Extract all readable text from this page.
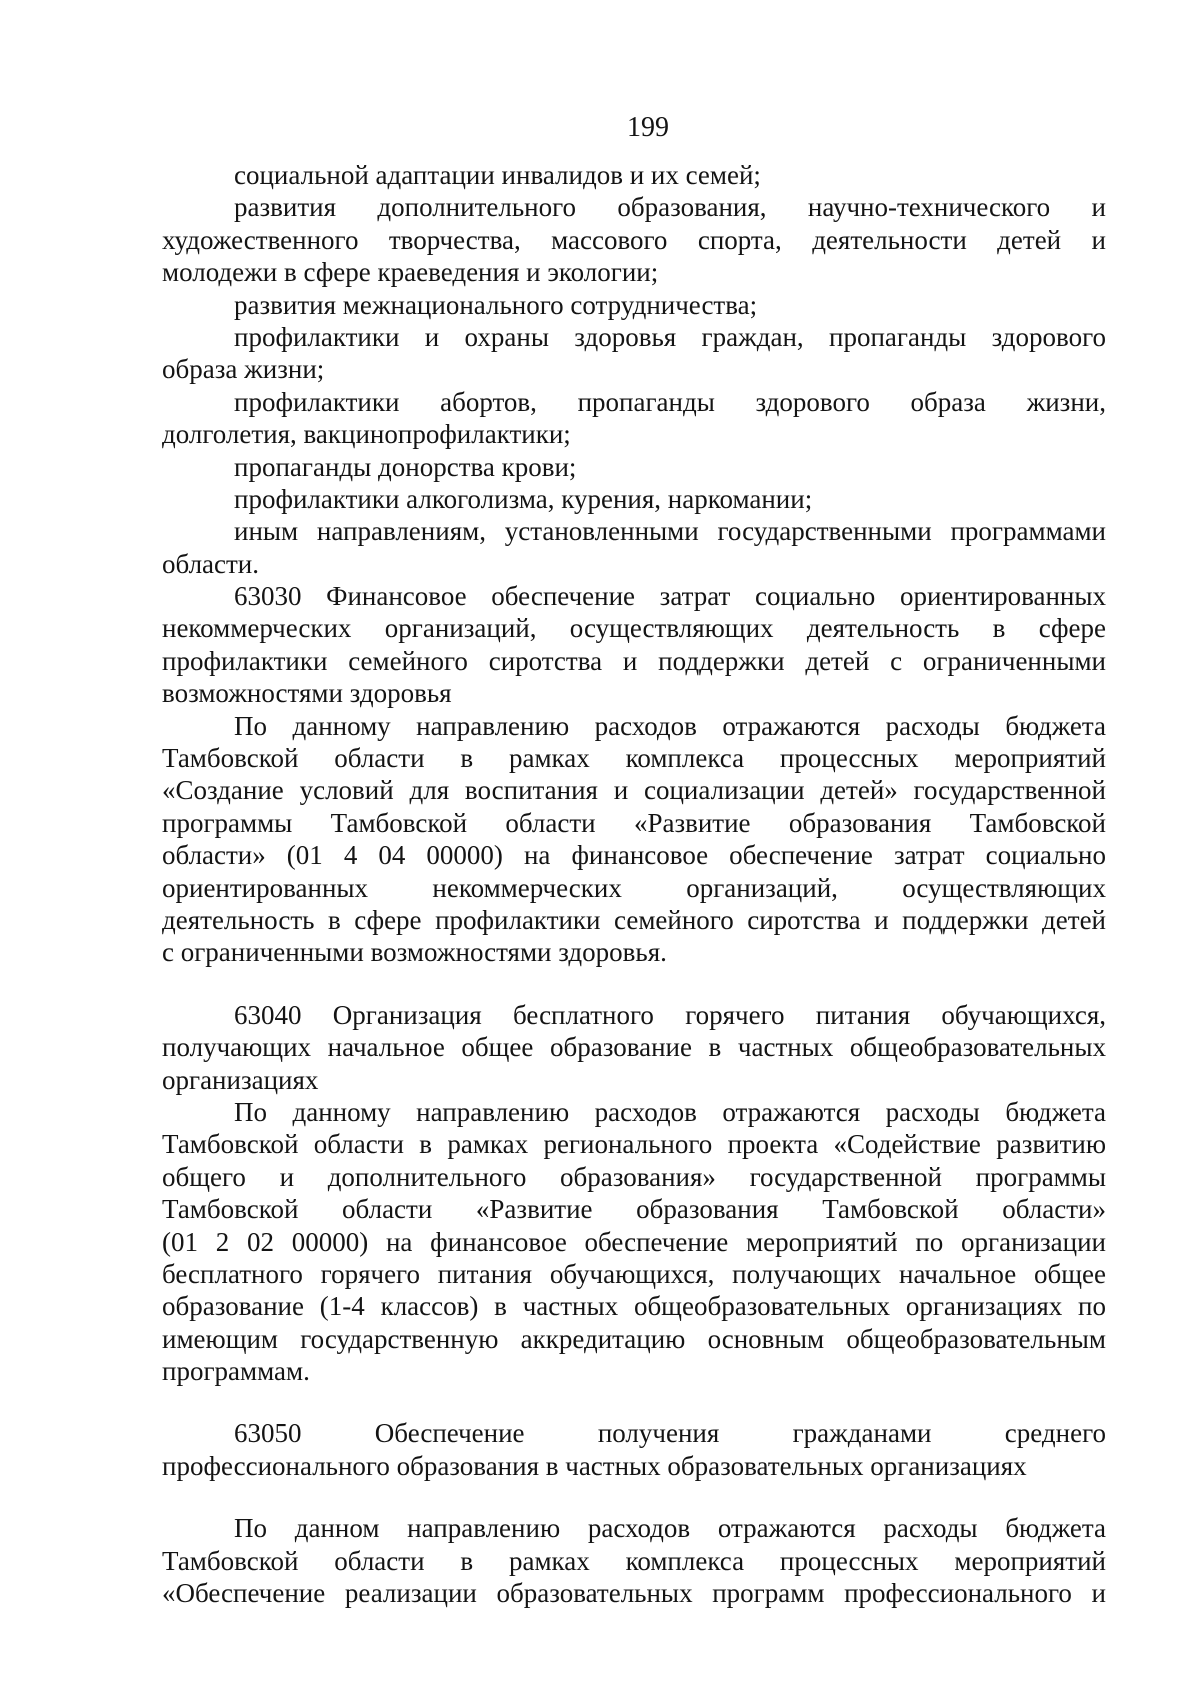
199
социальной адаптации инвалидов и их семей;
развития дополнительного образования, научно-технического и
художественного творчества, массового спорта, деятельности детей и
молодежи в сфере краеведения и экологии;
развития межнационального сотрудничества;
профилактики и охраны здоровья граждан, пропаганды здорового
образа жизни;
профилактики абортов, пропаганды здорового образа жизни,
долголетия, вакцинопрофилактики;
пропаганды донорства крови;
профилактики алкоголизма, курения, наркомании;
иным направлениям, установленными государственными программами
области.
63030 Финансовое обеспечение затрат социально ориентированных
некоммерческих организаций, осуществляющих деятельность в сфере
профилактики семейного сиротства и поддержки детей с ограниченными
возможностями здоровья
По данному направлению расходов отражаются расходы бюджета
Тамбовской области в рамках комплекса процессных мероприятий
«Создание условий для воспитания и социализации детей» государственной
программы Тамбовской области «Развитие образования Тамбовской
области» (01 4 04 00000) на финансовое обеспечение затрат социально
ориентированных некоммерческих организаций, осуществляющих
деятельность в сфере профилактики семейного сиротства и поддержки детей
с ограниченными возможностями здоровья.
63040 Организация бесплатного горячего питания обучающихся,
получающих начальное общее образование в частных общеобразовательных
организациях
По данному направлению расходов отражаются расходы бюджета
Тамбовской области в рамках регионального проекта «Содействие развитию
общего и дополнительного образования» государственной программы
Тамбовской области «Развитие образования Тамбовской области»
(01 2 02 00000) на финансовое обеспечение мероприятий по организации
бесплатного горячего питания обучающихся, получающих начальное общее
образование (1-4 классов) в частных общеобразовательных организациях по
имеющим государственную аккредитацию основным общеобразовательным
программам.
63050 Обеспечение получения гражданами среднего
профессионального образования в частных образовательных организациях
По данном направлению расходов отражаются расходы бюджета
Тамбовской области в рамках комплекса процессных мероприятий
«Обеспечение реализации образовательных программ профессионального и
